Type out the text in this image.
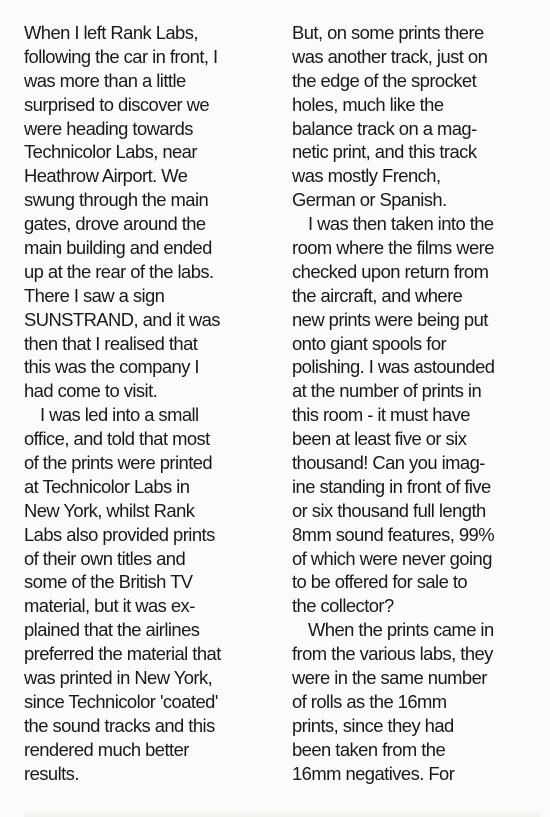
When I left Rank Labs,
following the car in front, I
was more than a little
surprised to discover we
were heading towards
Technicolor Labs, near
Heathrow Airport. We
swung through the main
gates, drove around the
main building and ended
up at the rear of the labs.
There I saw a sign
SUNSTRAND, and it was
then that I realised that
this was the company I
had come to visit.
I was led into a small
office, and told that most
of the prints were printed
at Technicolor Labs in
New York, whilst Rank
Labs also provided prints
of their own titles and
some of the British TV
material, but it was ex-
plained that the airlines
preferred the material that
was printed in New York,
since Technicolor 'coated'
the sound tracks and this
rendered much better
results.
But, on some prints there
was another track, just on
the edge of the sprocket
holes, much like the
balance track on a mag-
netic print, and this track
was mostly French,
German or Spanish.
I was then taken into the
room where the films were
checked upon return from
the aircraft, and where
new prints were being put
onto giant spools for
polishing. I was astounded
at the number of prints in
this room - it must have
been at least five or six
thousand! Can you imag-
ine standing in front of five
or six thousand full length
8mm sound features, 99%
of which were never going
to be offered for sale to
the collector?
When the prints came in
from the various labs, they
were in the same number
of rolls as the 16mm
prints, since they had
been taken from the
16mm negatives. For
